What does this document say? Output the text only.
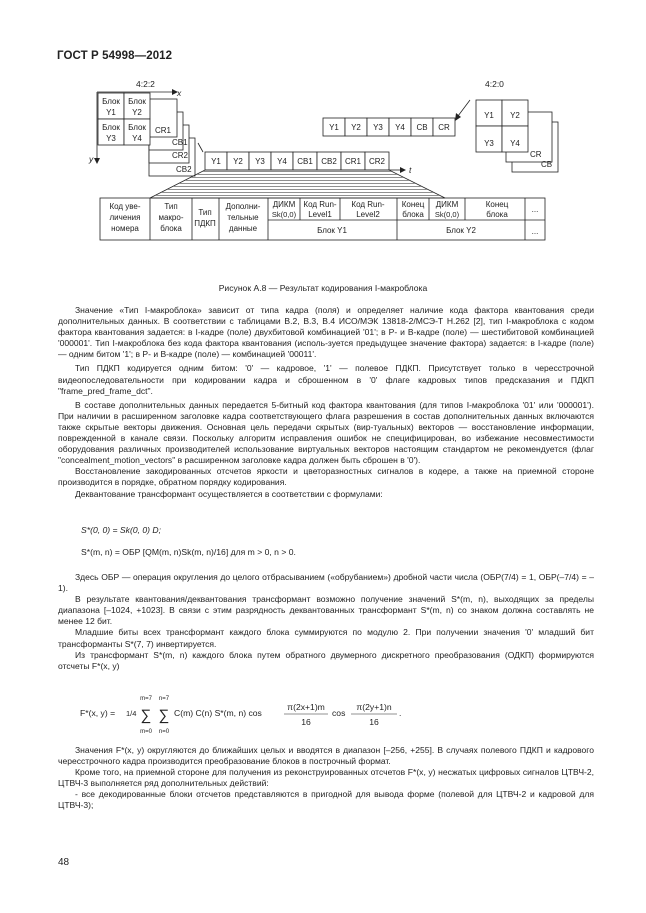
ГОСТ Р 54998—2012
4:2:2
x
y
CR1
CB1
CR2
CB2
Блок
Y1
Блок
Y2
Блок
Y3
Блок
Y4
4:2:0
Y1 Y2
Y3 Y4
CR
CB
Y1 Y2 Y3 Y4 CB CR
Y1 Y2 Y3 Y4 CB1 CB2 CR1 CR2
t
Код уве-
личения
номера
Тип
макро-
блока
Тип
ПДКП
Дополни-
тельные
данные
ДИКМ
Sk(0,0)
Код Run-
Level1
Код Run-
Level2
Конец
блока
ДИКМ
Sk(0,0)
Конец
блока
...
Блок Y1	Блок Y2	...
Рисунок А.8 — Результат кодирования I-макроблока

Значение «Тип I-макроблока» зависит от типа кадра (поля) и определяет наличие кода фактора квантования среди дополнительных данных. В соответствии с таблицами В.2, В.3, В.4 ИСО/МЭК 13818-2/МСЭ-Т Н.262 [2], тип I-макроблока с кодом фактора квантования задается: в I-кадре (поле) двухбитовой комбинацией '01'; в Р- и В-кадре (поле) — шестибитовой комбинацией '000001'. Тип I-макроблока без кода фактора квантования (исполь-зуется предыдущее значение фактора) задается: в I-кадре (поле) — одним битом '1'; в Р- и В-кадре (поле) — комбинацией '00011'.

Тип ПДКП кодируется одним битом: '0' — кадровое, '1' — полевое ПДКП. Присутствует только в чересстрочной видеопоследовательности при кодировании кадра и сброшенном в '0' флаге кадровых типов предсказания и ПДКП "frame_pred_frame_dct".

В составе дополнительных данных передается 5-битный код фактора квантования (для типов I-макроблока '01' или '000001'). При наличии в расширенном заголовке кадра соответствующего флага разрешения в состав дополнительных данных включаются также скрытые векторы движения. Основная цель передачи скрытых (вир-туальных) векторов — восстановление информации, поврежденной в канале связи. Поскольку алгоритм исправления ошибок не специфицирован, во избежание несовместимости оборудования различных производителей использование виртуальных векторов настоящим стандартом не рекомендуется (флаг "concealment_motion_vectors" в расширенном заголовке кадра должен быть сброшен в '0').

Восстановление закодированных отсчетов яркости и цветоразностных сигналов в кодере, а также на приемной стороне производится в порядке, обратном порядку кодирования.

Деквантование трансформант осуществляется в соответствии с формулами:

S*(0, 0) = Sk(0, 0) D;
S*(m, n) = ОБР [QM(m, n)Sk(m, n)/16] для m > 0, n > 0.

Здесь ОБР — операция округления до целого отбрасыванием («обрубанием») дробной части числа (ОБР(7/4) = 1, ОБР(–7/4) = –1).

В результате квантования/деквантования трансформант возможно получение значений S*(m, n), выходящих за пределы диапазона [–1024, +1023]. В связи с этим разрядность деквантованных трансформант S*(m, n) со знаком должна составлять не менее 12 бит.

Младшие биты всех трансформант каждого блока суммируются по модулю 2. При получении значения '0' младший бит трансформанты S*(7, 7) инвертируется.

Из трансформант S*(m, n) каждого блока путем обратного двумерного дискретного преобразования (ОДКП) формируются отсчеты F*(x, y)

F*(x, y) = 1/4
m=7
∑
m=0
n=7
∑
n=0
C(m) C(n) S*(m, n) cos
π(2x+1)m
16
cos
π(2y+1)n
16
.

Значения F*(x, y) округляются до ближайших целых и вводятся в диапазон [–256, +255]. В случаях полевого ПДКП и кадрового чересстрочного кадра производится преобразование блоков в построчный формат.

Кроме того, на приемной стороне для получения из реконструированных отсчетов F*(x, y) несжатых цифровых сигналов ЦТВЧ-2, ЦТВЧ-3 выполняется ряд дополнительных действий:

- все декодированные блоки отсчетов представляются в пригодной для вывода форме (полевой для ЦТВЧ-2 и кадровой для ЦТВЧ-3);

48
